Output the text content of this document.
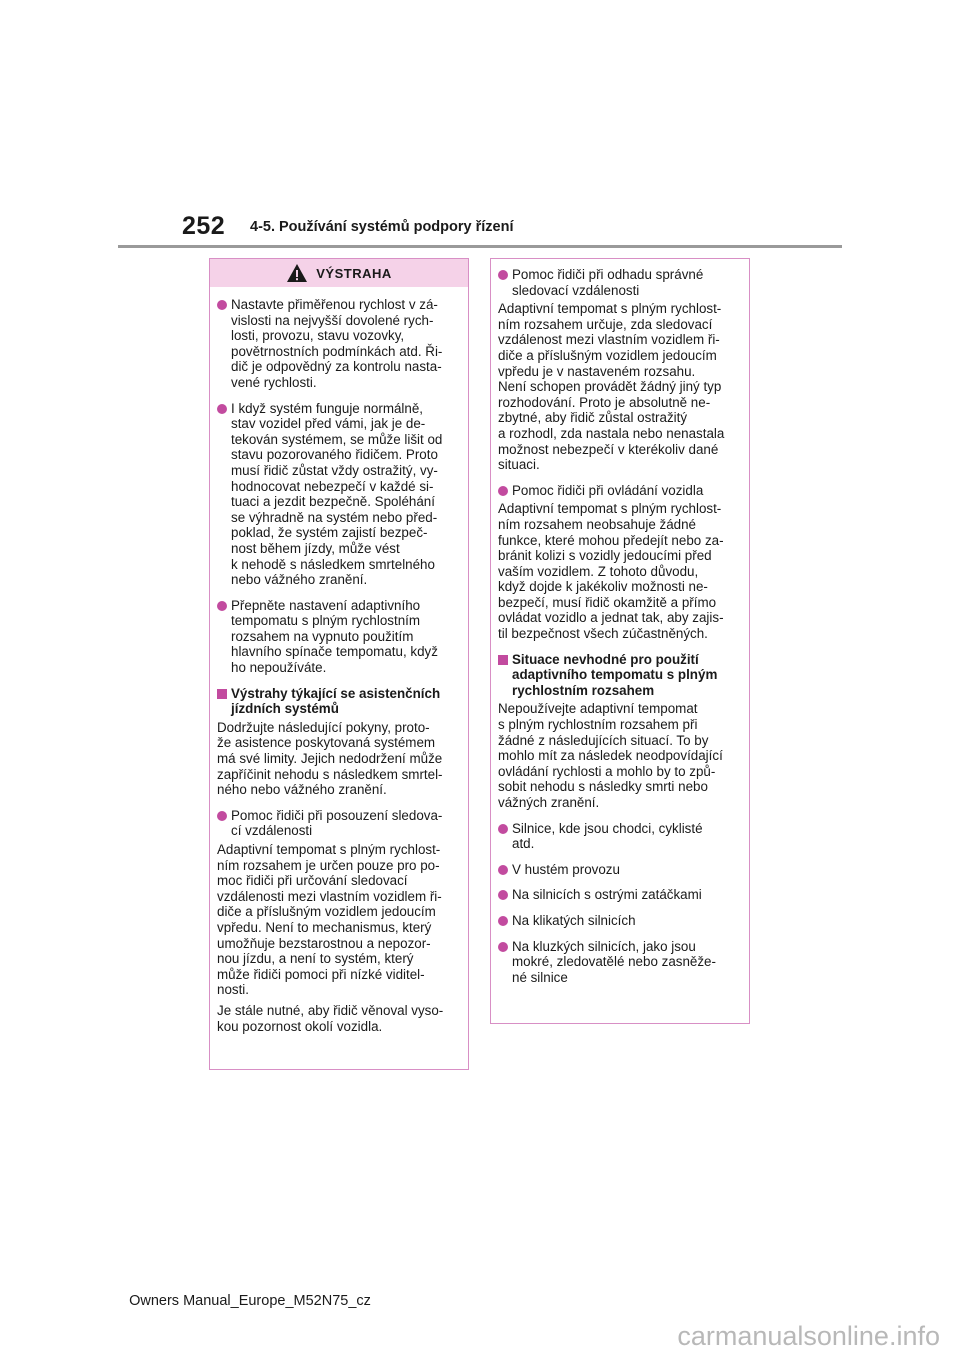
252 4-5. Používání systémů podpory řízení
VÝSTRAHA
Nastavte přiměřenou rychlost v zá-
vislosti na nejvyšší dovolené rych-
losti, provozu, stavu vozovky,
povětrnostních podmínkách atd. Ři-
dič je odpovědný za kontrolu nasta-
vené rychlosti.
I když systém funguje normálně,
stav vozidel před vámi, jak je de-
tekován systémem, se může lišit od
stavu pozorovaného řidičem. Proto
musí řidič zůstat vždy ostražitý, vy-
hodnocovat nebezpečí v každé si-
tuaci a jezdit bezpečně. Spoléhání
se výhradně na systém nebo před-
poklad, že systém zajistí bezpeč-
nost během jízdy, může vést
k nehodě s následkem smrtelného
nebo vážného zranění.
Přepněte nastavení adaptivního
tempomatu s plným rychlostním
rozsahem na vypnuto použitím
hlavního spínače tempomatu, když
ho nepoužíváte.
Výstrahy týkající se asistenčních
jízdních systémů
Dodržujte následující pokyny, proto-
že asistence poskytovaná systémem
má své limity. Jejich nedodržení může
zapříčinit nehodu s následkem smrtel-
ného nebo vážného zranění.
Pomoc řidiči při posouzení sledova-
cí vzdálenosti
Adaptivní tempomat s plným rychlost-
ním rozsahem je určen pouze pro po-
moc řidiči při určování sledovací
vzdálenosti mezi vlastním vozidlem ři-
diče a příslušným vozidlem jedoucím
vpředu. Není to mechanismus, který
umožňuje bezstarostnou a nepozor-
nou jízdu, a není to systém, který
může řidiči pomoci při nízké viditel-
nosti.
Je stále nutné, aby řidič věnoval vyso-
kou pozornost okolí vozidla.
Pomoc řidiči při odhadu správné
sledovací vzdálenosti
Adaptivní tempomat s plným rychlost-
ním rozsahem určuje, zda sledovací
vzdálenost mezi vlastním vozidlem ři-
diče a příslušným vozidlem jedoucím
vpředu je v nastaveném rozsahu.
Není schopen provádět žádný jiný typ
rozhodování. Proto je absolutně ne-
zbytné, aby řidič zůstal ostražitý
a rozhodl, zda nastala nebo nenastala
možnost nebezpečí v kterékoliv dané
situaci.
Pomoc řidiči při ovládání vozidla
Adaptivní tempomat s plným rychlost-
ním rozsahem neobsahuje žádné
funkce, které mohou předejít nebo za-
bránit kolizi s vozidly jedoucími před
vaším vozidlem. Z tohoto důvodu,
když dojde k jakékoliv možnosti ne-
bezpečí, musí řidič okamžitě a přímo
ovládat vozidlo a jednat tak, aby zajis-
til bezpečnost všech zúčastněných.
Situace nevhodné pro použití
adaptivního tempomatu s plným
rychlostním rozsahem
Nepoužívejte adaptivní tempomat
s plným rychlostním rozsahem při
žádné z následujících situací. To by
mohlo mít za následek neodpovídající
ovládání rychlosti a mohlo by to způ-
sobit nehodu s následky smrti nebo
vážných zranění.
Silnice, kde jsou chodci, cyklisté
atd.
V hustém provozu
Na silnicích s ostrými zatáčkami
Na klikatých silnicích
Na kluzkých silnicích, jako jsou
mokré, zledovatělé nebo zasněže-
né silnice
Owners Manual_Europe_M52N75_cz
carmanualsonline.info
